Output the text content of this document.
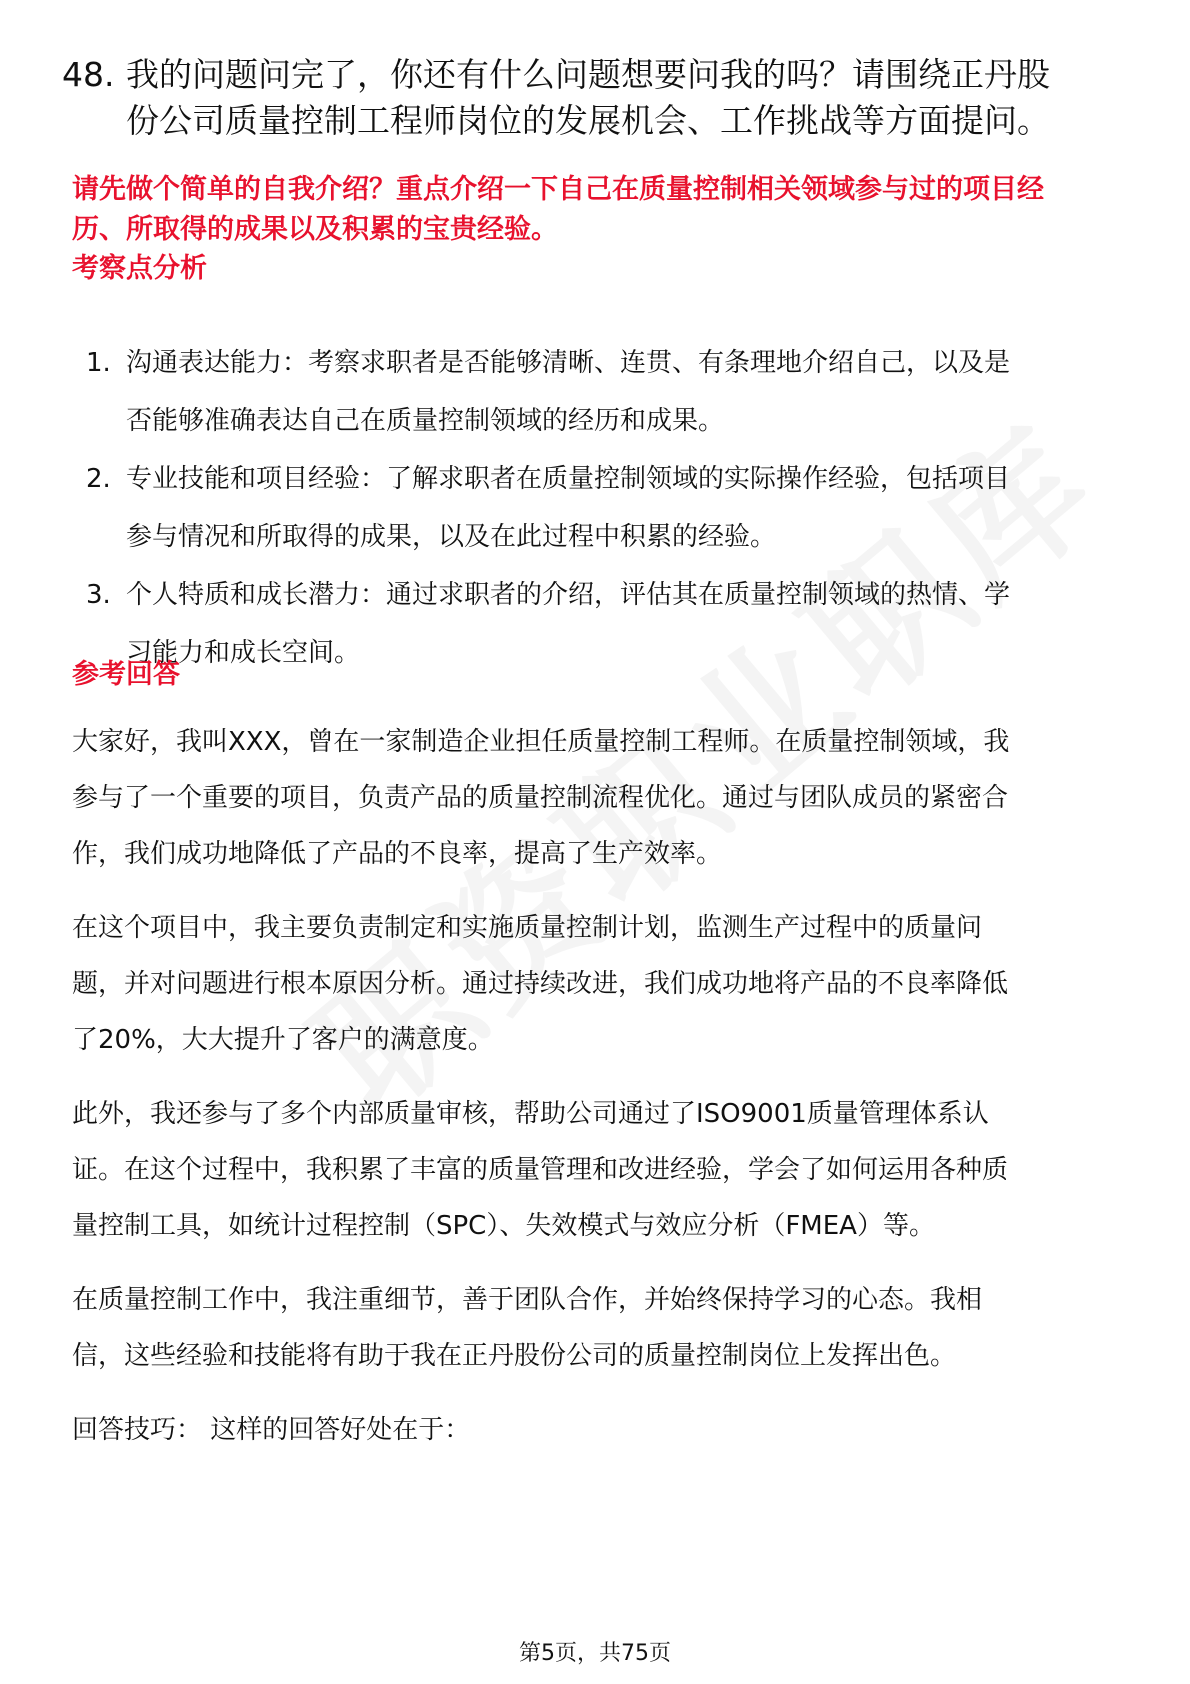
48. 我的问题问完了，你还有什么问题想要问我的吗？请围绕正丹股
份公司质量控制工程师岗位的发展机会、工作挑战等方面提问。
请先做个简单的自我介绍？重点介绍一下自己在质量控制相关领域参与过的项目经
历、所取得的成果以及积累的宝贵经验。
考察点分析
1. 沟通表达能力：考察求职者是否能够清晰、连贯、有条理地介绍自己，以及是
否能够准确表达自己在质量控制领域的经历和成果。
2. 专业技能和项目经验：了解求职者在质量控制领域的实际操作经验，包括项目
参与情况和所取得的成果，以及在此过程中积累的经验。
3. 个人特质和成长潜力：通过求职者的介绍，评估其在质量控制领域的热情、学
习能力和成长空间。
参考回答
大家好，我叫XXX，曾在一家制造企业担任质量控制工程师。在质量控制领域，我
参与了一个重要的项目，负责产品的质量控制流程优化。通过与团队成员的紧密合
作，我们成功地降低了产品的不良率，提高了生产效率。
在这个项目中，我主要负责制定和实施质量控制计划，监测生产过程中的质量问
题，并对问题进行根本原因分析。通过持续改进，我们成功地将产品的不良率降低
了20%，大大提升了客户的满意度。
此外，我还参与了多个内部质量审核，帮助公司通过了ISO9001质量管理体系认
证。在这个过程中，我积累了丰富的质量管理和改进经验，学会了如何运用各种质
量控制工具，如统计过程控制（SPC）、失效模式与效应分析（FMEA）等。
在质量控制工作中，我注重细节，善于团队合作，并始终保持学习的心态。我相
信，这些经验和技能将有助于我在正丹股份公司的质量控制岗位上发挥出色。
回答技巧： 这样的回答好处在于：
第5页，共75页
